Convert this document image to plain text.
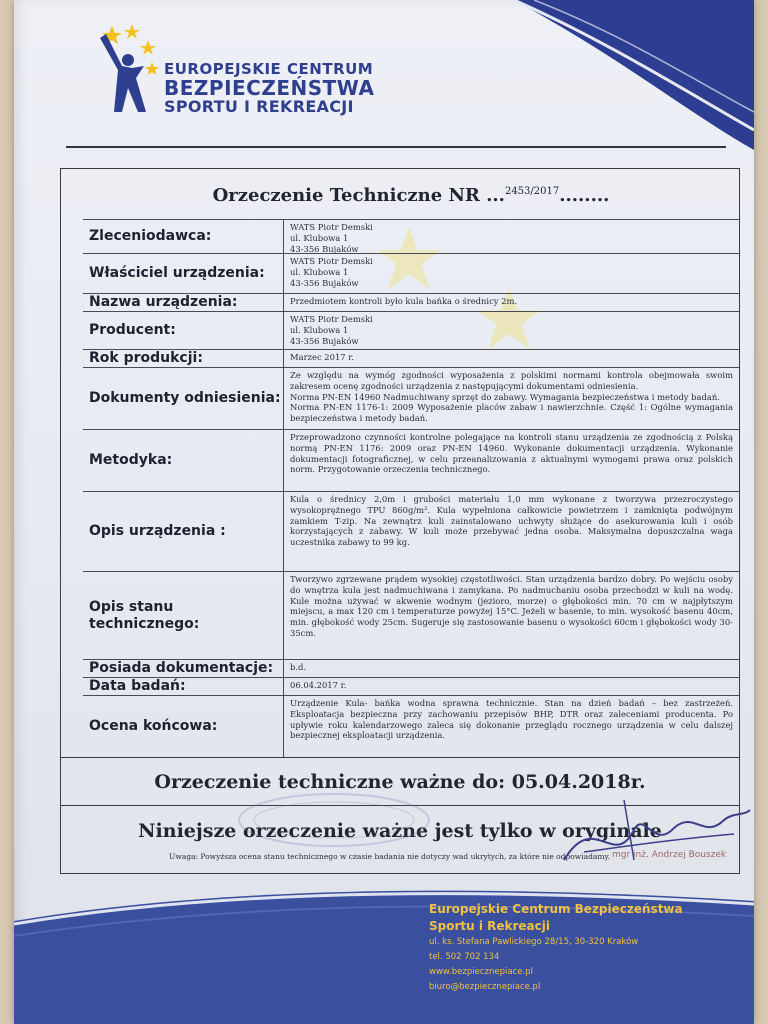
EUROPEJSKIE CENTRUM
BEZPIECZEŃSTWA
SPORTU I REKREACJI
Orzeczenie Techniczne NR ...$^{2453/2017}$........
Zleceniodawca:
WATS Piotr Demski
ul. Klubowa 1
43-356 Bujaków
Właściciel urządzenia:
WATS Piotr Demski
ul. Klubowa 1
43-356 Bujaków
Nazwa urządzenia:	Przedmiotem kontroli było kula bańka o średnicy 2m.
Producent:
WATS Piotr Demski
ul. Klubowa 1
43-356 Bujaków
Rok produkcji:	Marzec 2017 r.
Dokumenty odniesienia:
Ze względu na wymóg zgodności wyposażenia z polskimi normami kontrola obejmowała swoim zakresem ocenę zgodności urządzenia z następującymi dokumentami odniesienia.
Norma PN-EN 14960 Nadmuchiwany sprzęt do zabawy. Wymagania bezpieczeństwa i metody badań.
Norma PN-EN 1176-1: 2009 Wyposażenie placów zabaw i nawierzchnie. Część 1: Ogólne wymagania bezpieczeństwa i metody badań.
Metodyka:
Przeprowadzono czynności kontrolne polegające na kontroli stanu urządzenia ze zgodnością z Polską normą PN-EN 1176: 2009 oraz PN-EN 14960. Wykonanie dokumentacji urządzenia. Wykonanie dokumentacji fotograficznej, w celu przeanalizowania z aktualnymi wymogami prawa oraz polskich norm. Przygotowanie orzeczenia technicznego.
Opis urządzenia :
Kula o średnicy 2,0m i grubości materiału 1,0 mm wykonane z tworzywa przezroczystego wysokoprężnego TPU 860g/m². Kula wypełniona całkowicie powietrzem i zamknięta podwójnym zamkiem T-zip. Na zewnątrz kuli zainstalowano uchwyty służące do asekurowania kuli i osób korzystających z zabawy. W kuli może przebywać jedna osoba. Maksymalna dopuszczalna waga uczestnika zabawy to 99 kg.
Opis stanu technicznego:
Tworzywo zgrzewane prądem wysokiej częstotliwości. Stan urządzenia bardzo dobry. Po wejściu osoby do wnętrza kula jest nadmuchiwana i zamykana. Po nadmuchaniu osoba przechodzi w kuli na wodę. Kule można używać w akwenie wodnym (jezioro, morze) o głębokości min. 70 cm w najpłytszym miejscu, a max 120 cm i temperaturze powyżej 15°C. Jeżeli w basenie, to min. wysokość basenu 40cm, min. głębokość wody 25cm. Sugeruje się zastosowanie basenu o wysokości 60cm i głębokości wody 30-35cm.
Posiada dokumentacje:	b.d.
Data badań:	06.04.2017 r.
Ocena końcowa:
Urządzenie Kula- bańka wodna sprawna technicznie. Stan na dzień badań – bez zastrzeżeń. Eksploatacja bezpieczna przy zachowaniu przepisów BHP, DTR oraz zaleceniami producenta. Po upływie roku kalendarzowego zaleca się dokonanie przeglądu rocznego urządzenia w celu dalszej bezpiecznej eksploatacji urządzenia.
Orzeczenie techniczne ważne do: 05.04.2018r.
Niniejsze orzeczenie ważne jest tylko w oryginale
Uwaga: Powyższa ocena stanu technicznego w czasie badania nie dotyczy wad ukrytych, za które nie odpowiadamy. mgr inż. Andrzej Bouszek
Europejskie Centrum Bezpieczeństwa
Sportu i Rekreacji
ul. ks. Stefana Pawlickiego 28/15, 30-320 Kraków
tel. 502 702 134
www.bezpiecznepiace.pl
biuro@bezpiecznepiace.pl
